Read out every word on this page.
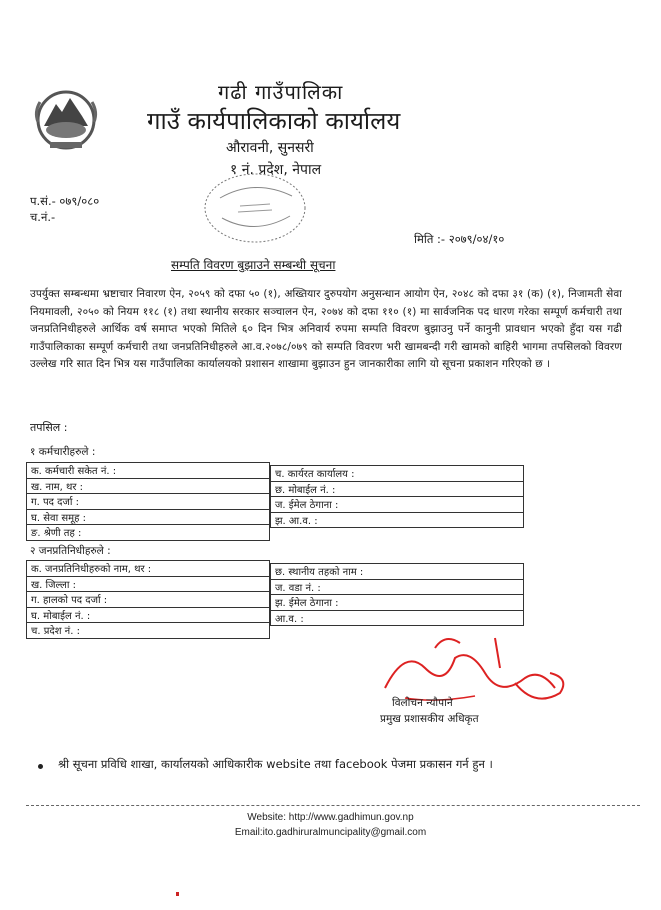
गढी गाउँपालिका
गाउँ कार्यपालिकाको कार्यालय
औरावनी, सुनसरी
१ नं. प्रदेश, नेपाल
प.सं.- ०७९/०८०
च.नं.-
मिति :- २०७९/०४/१०
सम्पति विवरण बुझाउने सम्बन्धी सूचना
उपर्युक्त सम्बन्धमा भ्रष्टाचार निवारण ऐन, २०५९ को दफा ५० (१), अख्तियार दुरुपयोग अनुसन्धान आयोग ऐन, २०४८ को दफा ३१ (क) (१), निजामती सेवा नियमावली, २०५० को नियम ११८ (१) तथा स्थानीय सरकार सञ्चालन ऐन, २०७४ को दफा ११० (१) मा सार्वजनिक पद धारण गरेका सम्पूर्ण कर्मचारी तथा जनप्रतिनिधीहरुले आर्थिक वर्ष समाप्त भएको मितिले ६० दिन भित्र अनिवार्य रुपमा सम्पति विवरण बुझाउनु पर्ने कानुनी प्रावधान भएको हुँदा यस गढी गाउँपालिकाका सम्पूर्ण कर्मचारी तथा जनप्रतिनिधीहरुले आ.व.२०७८/०७९ को सम्पति विवरण भरी खामबन्दी गरी खामको बाहिरी भागमा तपसिलको विवरण उल्लेख गरि सात दिन भित्र यस गाउँपालिका कार्यालयको प्रशासन शाखामा बुझाउन हुन जानकारीका लागि यो सूचना प्रकाशन गरिएको छ ।
तपसिल :
१ कर्मचारीहरुले :
क. कर्मचारी सकेत नं. :
ख. नाम, थर :
ग. पद दर्जा :
घ. सेवा समूह :
ङ. श्रेणी तह :
च. कार्यरत कार्यालय :
छ. मोबाईल नं. :
ज. ईमेल ठेगाना :
झ. आ.व. :
२ जनप्रतिनिधीहरुले :
क. जनप्रतिनिधीहरुको नाम, थर :
ख. जिल्ला :
ग. हालको पद दर्जा :
घ. मोबाईल नं. :
च. प्रदेश नं. :
छ. स्थानीय तहको नाम :
ज. वडा नं. :
झ. ईमेल ठेगाना :
आ.व. :
विलोचन न्यौपाने
प्रमुख प्रशासकीय अधिकृत
श्री सूचना प्रविधि शाखा, कार्यालयको आधिकारीक website तथा facebook पेजमा प्रकासन गर्न हुन ।
Website: http://www.gadhimun.gov.np
Email:ito.gadhiruralmuncipality@gmail.com
